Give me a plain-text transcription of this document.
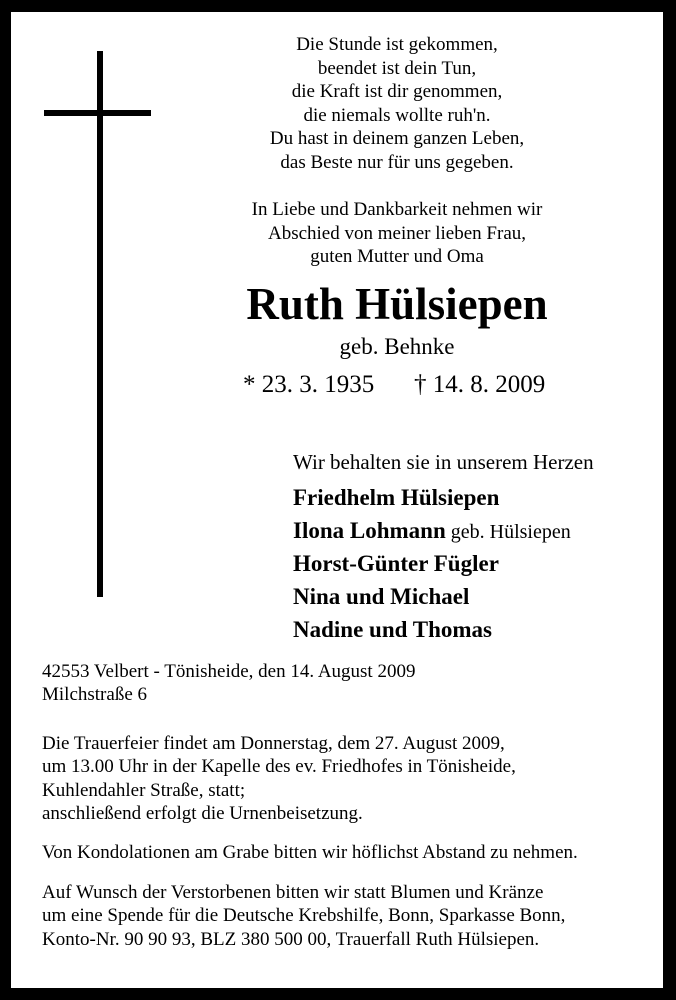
Die Stunde ist gekommen,
beendet ist dein Tun,
die Kraft ist dir genommen,
die niemals wollte ruh'n.
Du hast in deinem ganzen Leben,
das Beste nur für uns gegeben.
In Liebe und Dankbarkeit nehmen wir
Abschied von meiner lieben Frau,
guten Mutter und Oma
Ruth Hülsiepen
geb. Behnke
* 23. 3. 1935 † 14. 8. 2009
Wir behalten sie in unserem Herzen
Friedhelm Hülsiepen
Ilona Lohmann geb. Hülsiepen
Horst-Günter Fügler
Nina und Michael
Nadine und Thomas
42553 Velbert - Tönisheide, den 14. August 2009
Milchstraße 6
Die Trauerfeier findet am Donnerstag, dem 27. August 2009,
um 13.00 Uhr in der Kapelle des ev. Friedhofes in Tönisheide,
Kuhlendahler Straße, statt;
anschließend erfolgt die Urnenbeisetzung.
Von Kondolationen am Grabe bitten wir höflichst Abstand zu nehmen.
Auf Wunsch der Verstorbenen bitten wir statt Blumen und Kränze
um eine Spende für die Deutsche Krebshilfe, Bonn, Sparkasse Bonn,
Konto-Nr. 90 90 93, BLZ 380 500 00, Trauerfall Ruth Hülsiepen.
